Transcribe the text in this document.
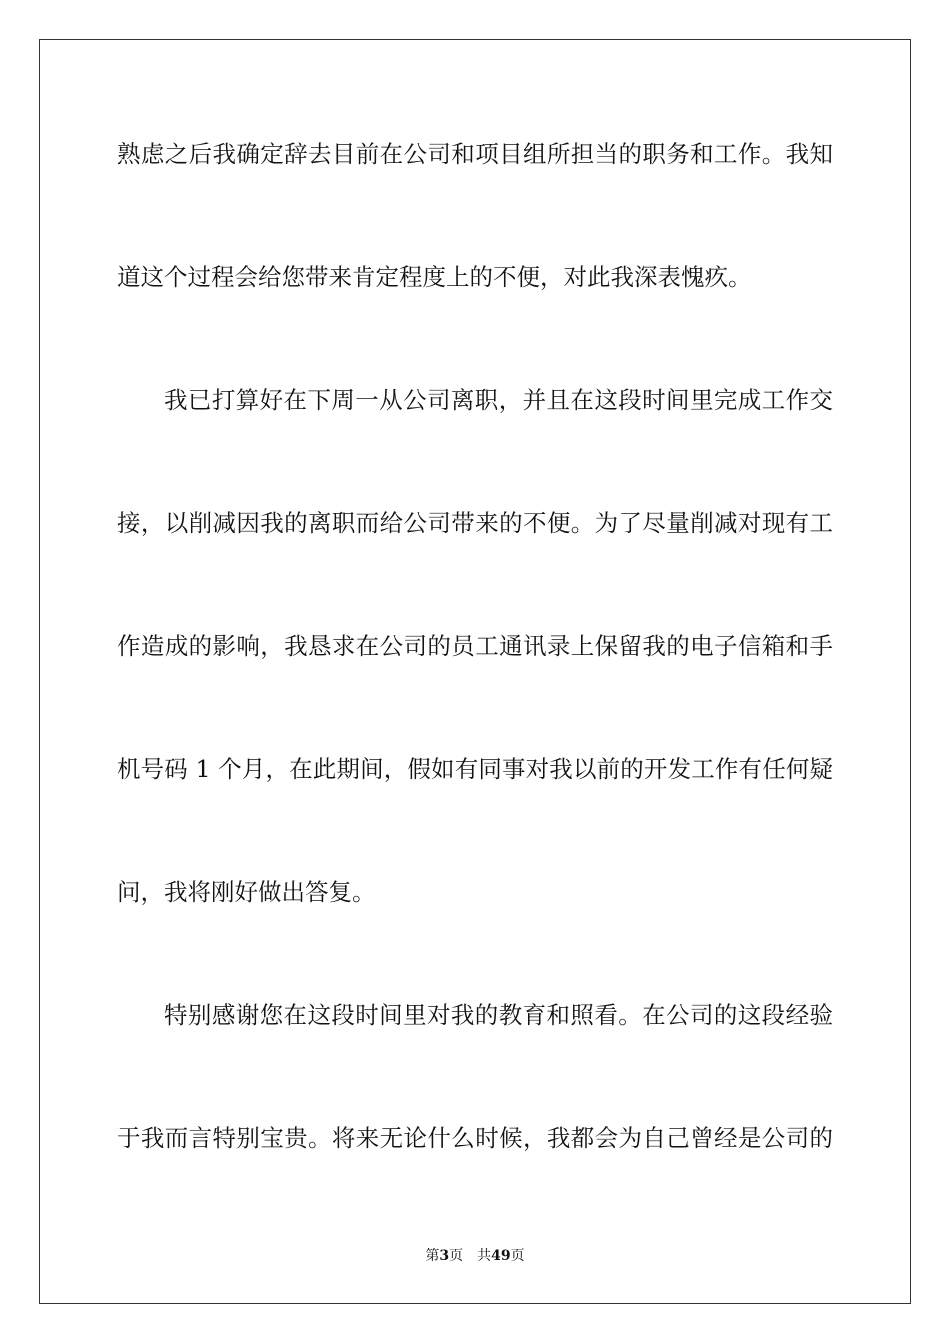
熟虑之后我确定辞去目前在公司和项目组所担当的职务和工作。我知
道这个过程会给您带来肯定程度上的不便，对此我深表愧疚。
我已打算好在下周一从公司离职，并且在这段时间里完成工作交
接，以削减因我的离职而给公司带来的不便。为了尽量削减对现有工
作造成的影响，我恳求在公司的员工通讯录上保留我的电子信箱和手
机号码 1 个月，在此期间，假如有同事对我以前的开发工作有任何疑
问，我将刚好做出答复。
特别感谢您在这段时间里对我的教育和照看。在公司的这段经验
于我而言特别宝贵。将来无论什么时候，我都会为自己曾经是公司的
第3页 共49页
